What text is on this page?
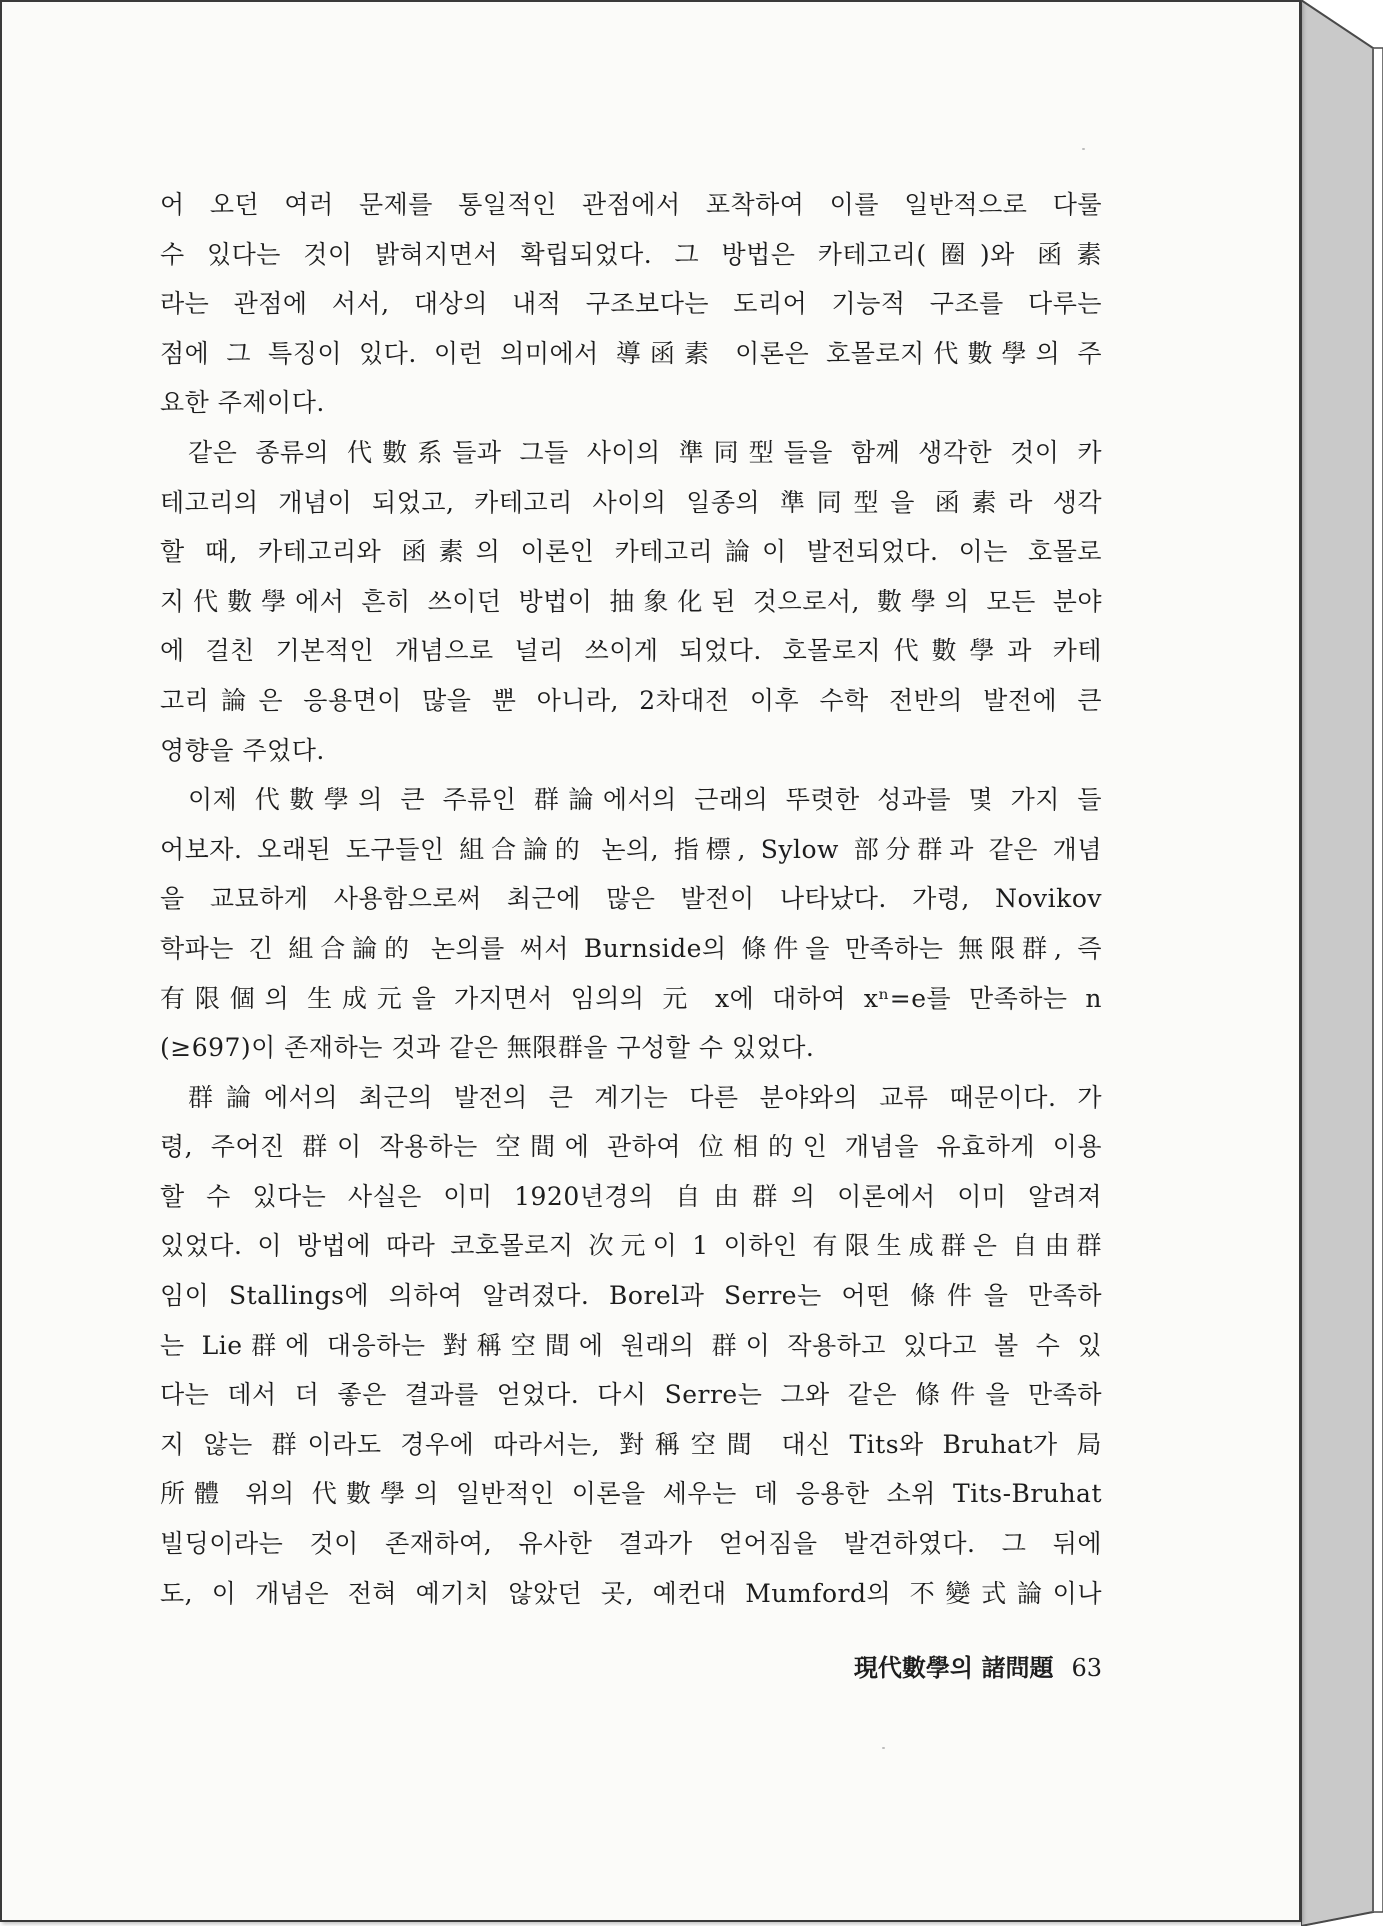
어 오던 여러 문제를 통일적인 관점에서 포착하여 이를 일반적으로 다룰
수 있다는 것이 밝혀지면서 확립되었다. 그 방법은 카테고리(圈)와 函素
라는 관점에 서서, 대상의 내적 구조보다는 도리어 기능적 구조를 다루는
점에 그 특징이 있다. 이런 의미에서 導函素 이론은 호몰로지代數學의 주
요한 주제이다.
같은 종류의 代數系들과 그들 사이의 準同型들을 함께 생각한 것이 카
테고리의 개념이 되었고, 카테고리 사이의 일종의 準同型을 函素라 생각
할 때, 카테고리와 函素의 이론인 카테고리論이 발전되었다. 이는 호몰로
지代數學에서 흔히 쓰이던 방법이 抽象化된 것으로서, 數學의 모든 분야
에 걸친 기본적인 개념으로 널리 쓰이게 되었다. 호몰로지代數學과 카테
고리論은 응용면이 많을 뿐 아니라, 2차대전 이후 수학 전반의 발전에 큰
영향을 주었다.
이제 代數學의 큰 주류인 群論에서의 근래의 뚜렷한 성과를 몇 가지 들
어보자. 오래된 도구들인 組合論的 논의, 指標, Sylow 部分群과 같은 개념
을 교묘하게 사용함으로써 최근에 많은 발전이 나타났다. 가령, Novikov
학파는 긴 組合論的 논의를 써서 Burnside의 條件을 만족하는 無限群, 즉
有限個의 生成元을 가지면서 임의의 元 x에 대하여 xⁿ=e를 만족하는 n
(≥697)이 존재하는 것과 같은 無限群을 구성할 수 있었다.
群論에서의 최근의 발전의 큰 계기는 다른 분야와의 교류 때문이다. 가
령, 주어진 群이 작용하는 空間에 관하여 位相的인 개념을 유효하게 이용
할 수 있다는 사실은 이미 1920년경의 自由群의 이론에서 이미 알려져
있었다. 이 방법에 따라 코호몰로지 次元이 1 이하인 有限生成群은 自由群
임이 Stallings에 의하여 알려졌다. Borel과 Serre는 어떤 條件을 만족하
는 Lie群에 대응하는 對稱空間에 원래의 群이 작용하고 있다고 볼 수 있
다는 데서 더 좋은 결과를 얻었다. 다시 Serre는 그와 같은 條件을 만족하
지 않는 群이라도 경우에 따라서는, 對稱空間 대신 Tits와 Bruhat가 局
所體 위의 代數學의 일반적인 이론을 세우는 데 응용한 소위 Tits-Bruhat
빌딩이라는 것이 존재하여, 유사한 결과가 얻어짐을 발견하였다. 그 뒤에
도, 이 개념은 전혀 예기치 않았던 곳, 예컨대 Mumford의 不變式論이나
現代數學의 諸問題 63
